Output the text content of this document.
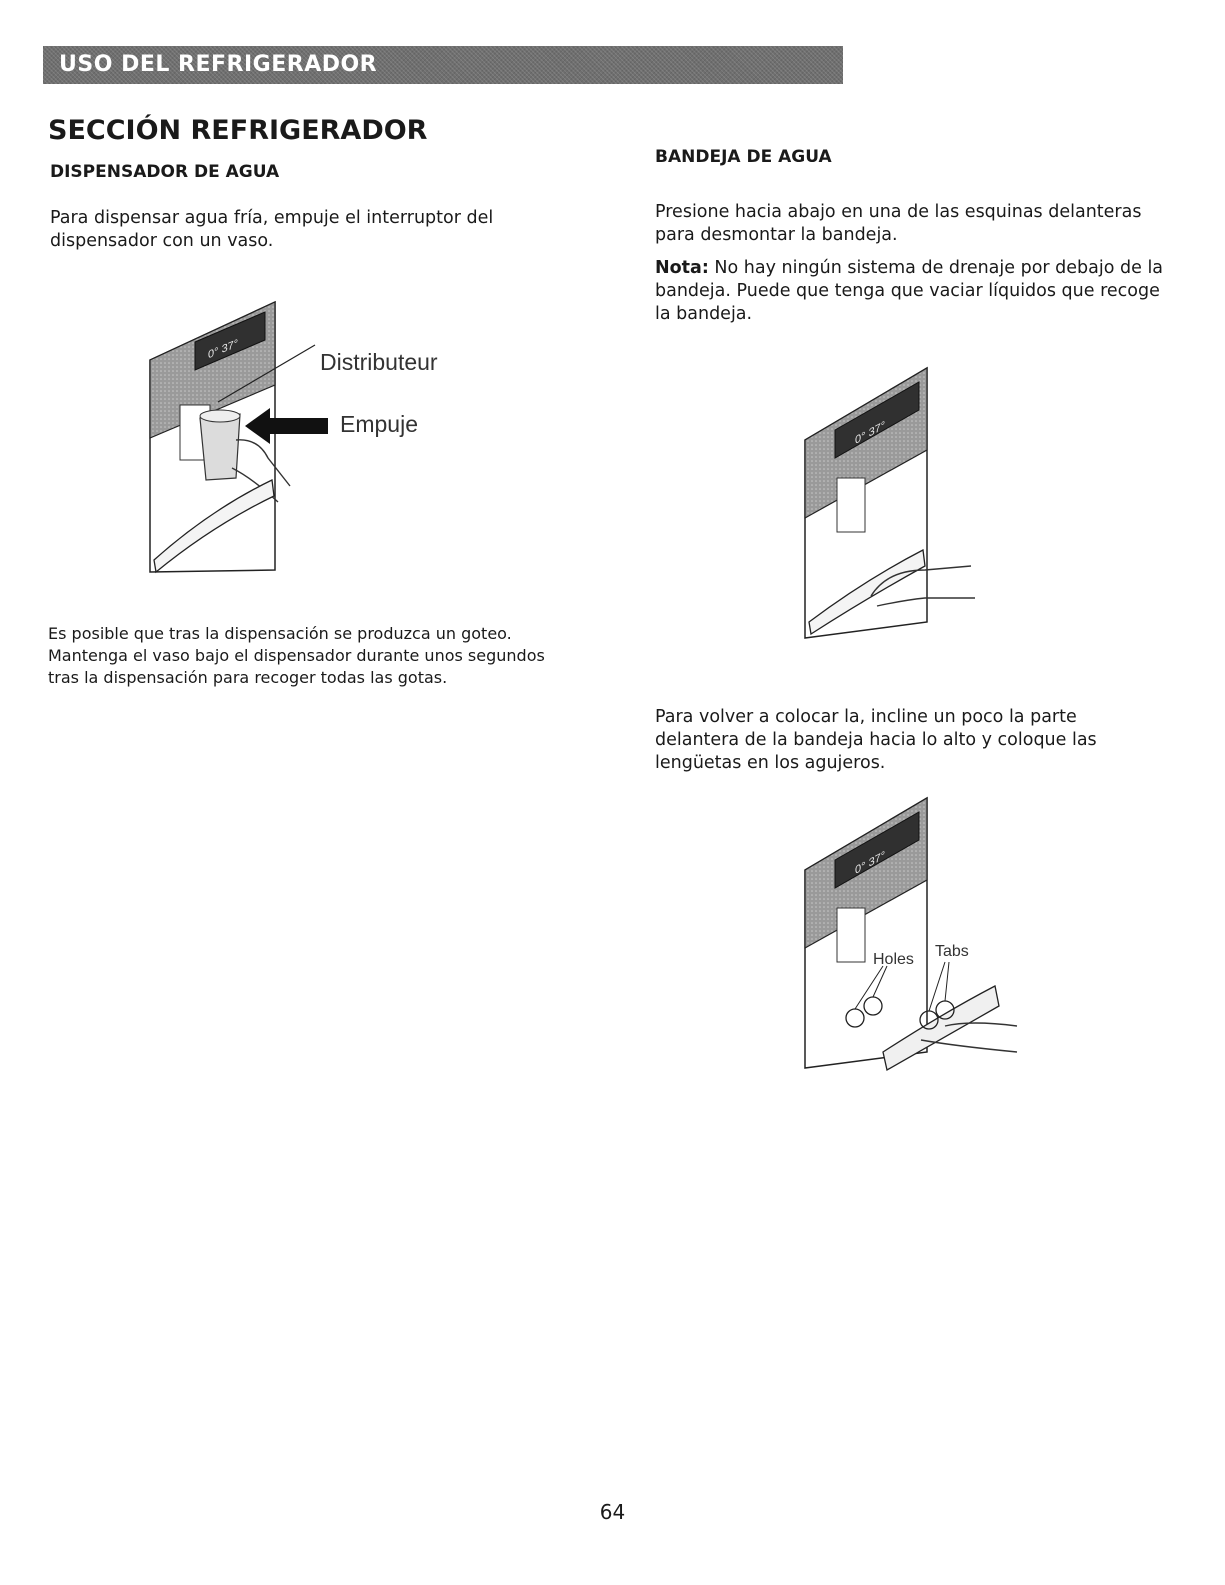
USO DEL REFRIGERADOR
SECCIÓN REFRIGERADOR
DISPENSADOR DE AGUA

Para dispensar agua fría, empuje el interruptor del dispensador con un vaso.

0° 37°	Distributeur
Empuje

Es posible que tras la dispensación se produzca un goteo. Mantenga el vaso bajo el dispensador durante unos segundos tras la dispensación para recoger todas las gotas.

BANDEJA DE AGUA

Presione hacia abajo en una de las esquinas delanteras para desmontar la bandeja.

Nota: No hay ningún sistema de drenaje por debajo de la bandeja. Puede que tenga que vaciar líquidos que recoge la bandeja.

0° 37°

Para volver a colocar la, incline un poco la parte delantera de la bandeja hacia lo alto y coloque las lengüetas en los agujeros.

0° 37°
Holes Tabs
64
